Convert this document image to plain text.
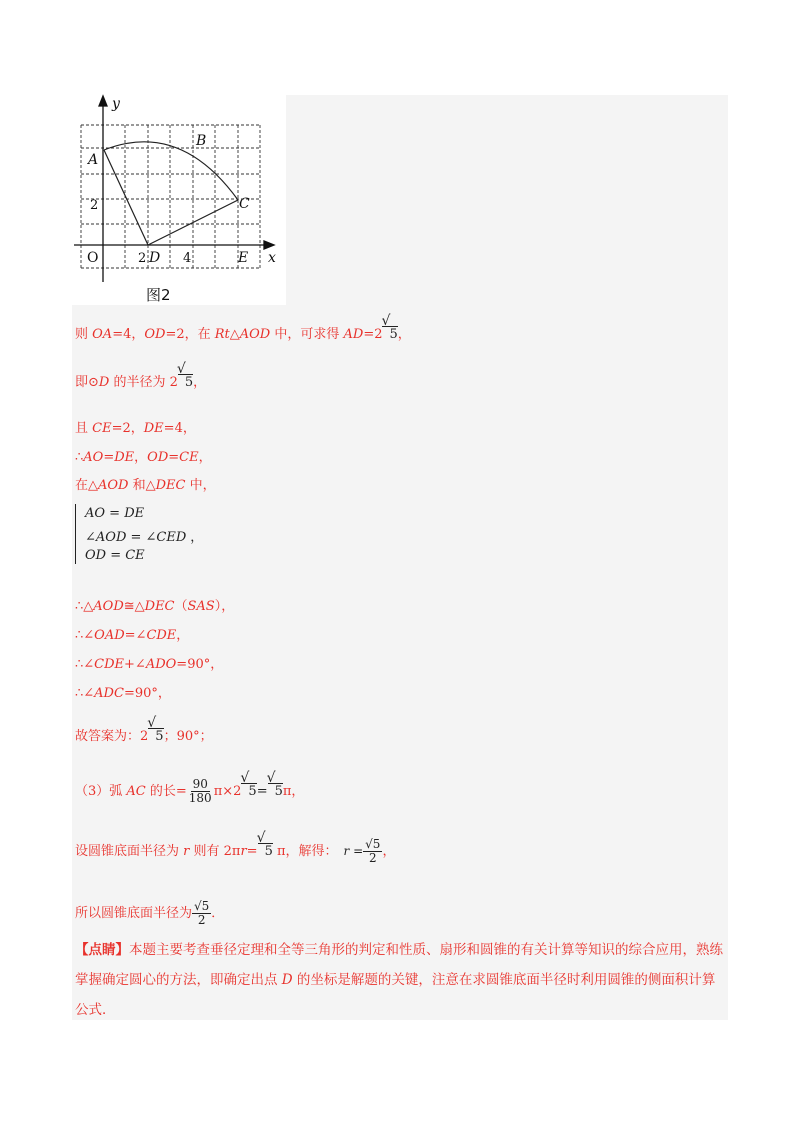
y
x
A
B
C
D	E
O	2	4
2
图2
则 OA=4，OD=2，在 Rt△AOD 中，可求得 AD=2
√
5，
即⊙D 的半径为 2
√
5，
且 CE=2，DE=4，
∴AO=DE，OD=CE，
在△AOD 和△DEC 中，
AO = DE
∠AOD = ∠CED ，
OD = CE
∴△AOD≅△DEC（SAS），
∴∠OAD=∠CDE，
∴∠CDE+∠ADO=90°，
∴∠ADC=90°，
故答案为：2
√
5；90°；
（3）弧 AC 的长= $\frac{90}{180} \pi\times 2$
√
5=
√
5π，
设圆锥底面半径为 r 则有 2πr=
√
5 π，解得： $r = \frac{√5}{2}$ ，
所以圆锥底面半径为 $\frac{√5}{2}$ ．
【点睛】本题主要考查垂径定理和全等三角形的判定和性质、扇形和圆锥的有关计算等知识的综合应用，熟练掌握确定圆心的方法，即确定出点 D 的坐标是解题的关键，注意在求圆锥底面半径时利用圆锥的侧面积计算公式．
